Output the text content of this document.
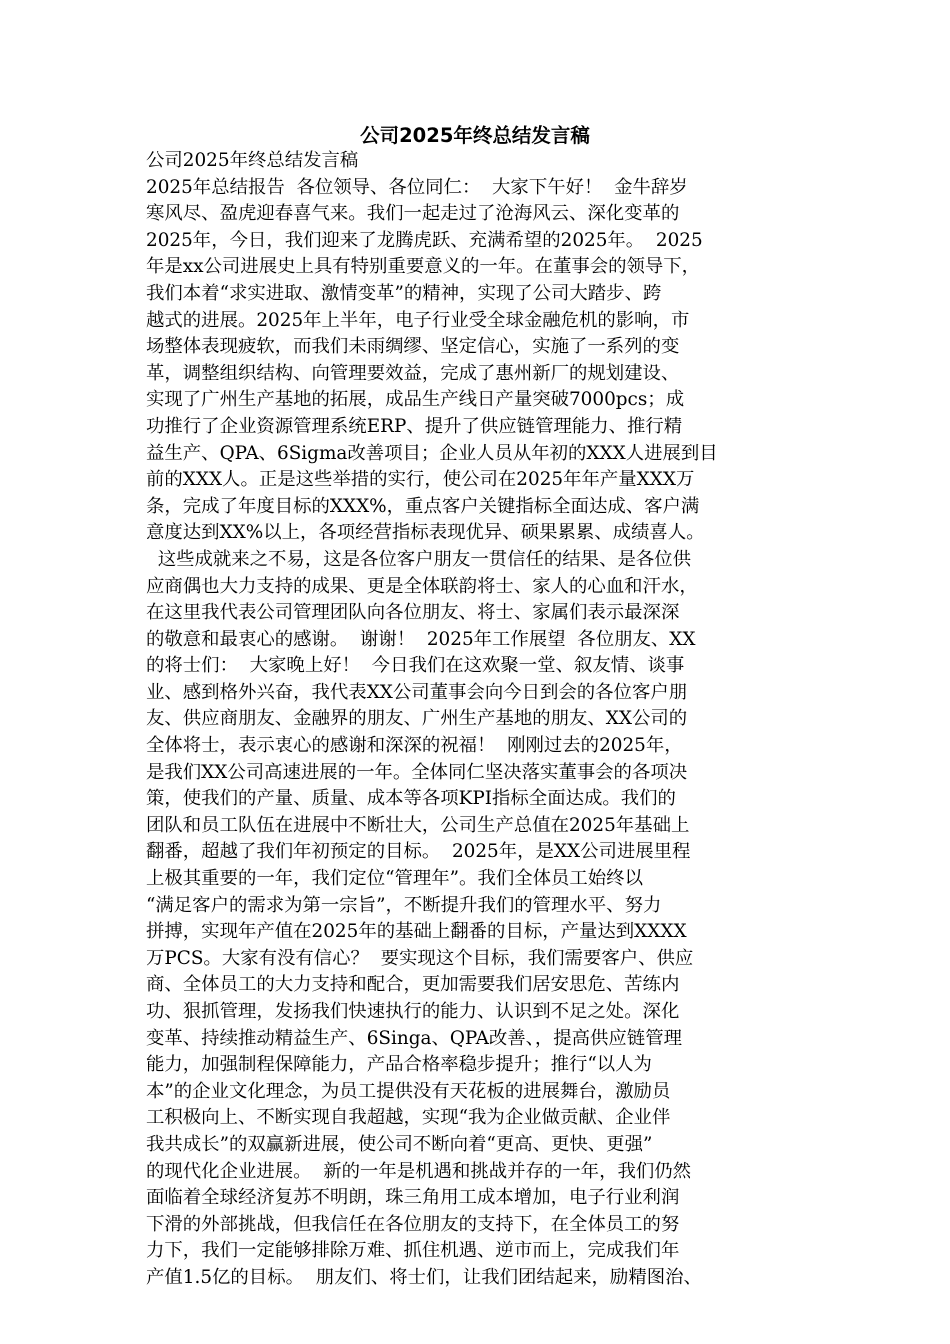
公司2025年终总结发言稿
公司2025年终总结发言稿
2025年总结报告  各位领导、各位同仁：  大家下午好！  金牛辞岁
寒风尽、盈虎迎春喜气来。我们一起走过了沧海风云、深化变革的
2025年，今日，我们迎来了龙腾虎跃、充满希望的2025年。  2025
年是xx公司进展史上具有特别重要意义的一年。在董事会的领导下，
我们本着“求实进取、激情变革”的精神，实现了公司大踏步、跨
越式的进展。2025年上半年，电子行业受全球金融危机的影响，市
场整体表现疲软，而我们未雨绸缪、坚定信心，实施了一系列的变
革，调整组织结构、向管理要效益，完成了惠州新厂的规划建设、
实现了广州生产基地的拓展，成品生产线日产量突破7000pcs；成
功推行了企业资源管理系统ERP、提升了供应链管理能力、推行精
益生产、QPA、6Sigma改善项目；企业人员从年初的XXX人进展到目
前的XXX人。正是这些举措的实行，使公司在2025年年产量XXX万
条，完成了年度目标的XXX%，重点客户关键指标全面达成、客户满
意度达到XX%以上，各项经营指标表现优异、硕果累累、成绩喜人。
这些成就来之不易，这是各位客户朋友一贯信任的结果、是各位供
应商偶也大力支持的成果、更是全体联韵将士、家人的心血和汗水，
在这里我代表公司管理团队向各位朋友、将士、家属们表示最深深
的敬意和最衷心的感谢。  谢谢！  2025年工作展望  各位朋友、XX
的将士们：  大家晚上好！  今日我们在这欢聚一堂、叙友情、谈事
业、感到格外兴奋，我代表XX公司董事会向今日到会的各位客户朋
友、供应商朋友、金融界的朋友、广州生产基地的朋友、XX公司的
全体将士，表示衷心的感谢和深深的祝福！  刚刚过去的2025年，
是我们XX公司高速进展的一年。全体同仁坚决落实董事会的各项决
策，使我们的产量、质量、成本等各项KPI指标全面达成。我们的
团队和员工队伍在进展中不断壮大，公司生产总值在2025年基础上
翻番，超越了我们年初预定的目标。  2025年，是XX公司进展里程
上极其重要的一年，我们定位“管理年”。我们全体员工始终以
“满足客户的需求为第一宗旨”，不断提升我们的管理水平、努力
拼搏，实现年产值在2025年的基础上翻番的目标，产量达到XXXX
万PCS。大家有没有信心？  要实现这个目标，我们需要客户、供应
商、全体员工的大力支持和配合，更加需要我们居安思危、苦练内
功、狠抓管理，发扬我们快速执行的能力、认识到不足之处。深化
变革、持续推动精益生产、6Singa、QPA改善、，提高供应链管理
能力，加强制程保障能力，产品合格率稳步提升；推行“以人为
本”的企业文化理念，为员工提供没有天花板的进展舞台，激励员
工积极向上、不断实现自我超越，实现“我为企业做贡献、企业伴
我共成长”的双赢新进展，使公司不断向着“更高、更快、更强”
的现代化企业进展。  新的一年是机遇和挑战并存的一年，我们仍然
面临着全球经济复苏不明朗，珠三角用工成本增加，电子行业利润
下滑的外部挑战，但我信任在各位朋友的支持下，在全体员工的努
力下，我们一定能够排除万难、抓住机遇、逆市而上，完成我们年
产值1.5亿的目标。  朋友们、将士们，让我们团结起来，励精图治、
